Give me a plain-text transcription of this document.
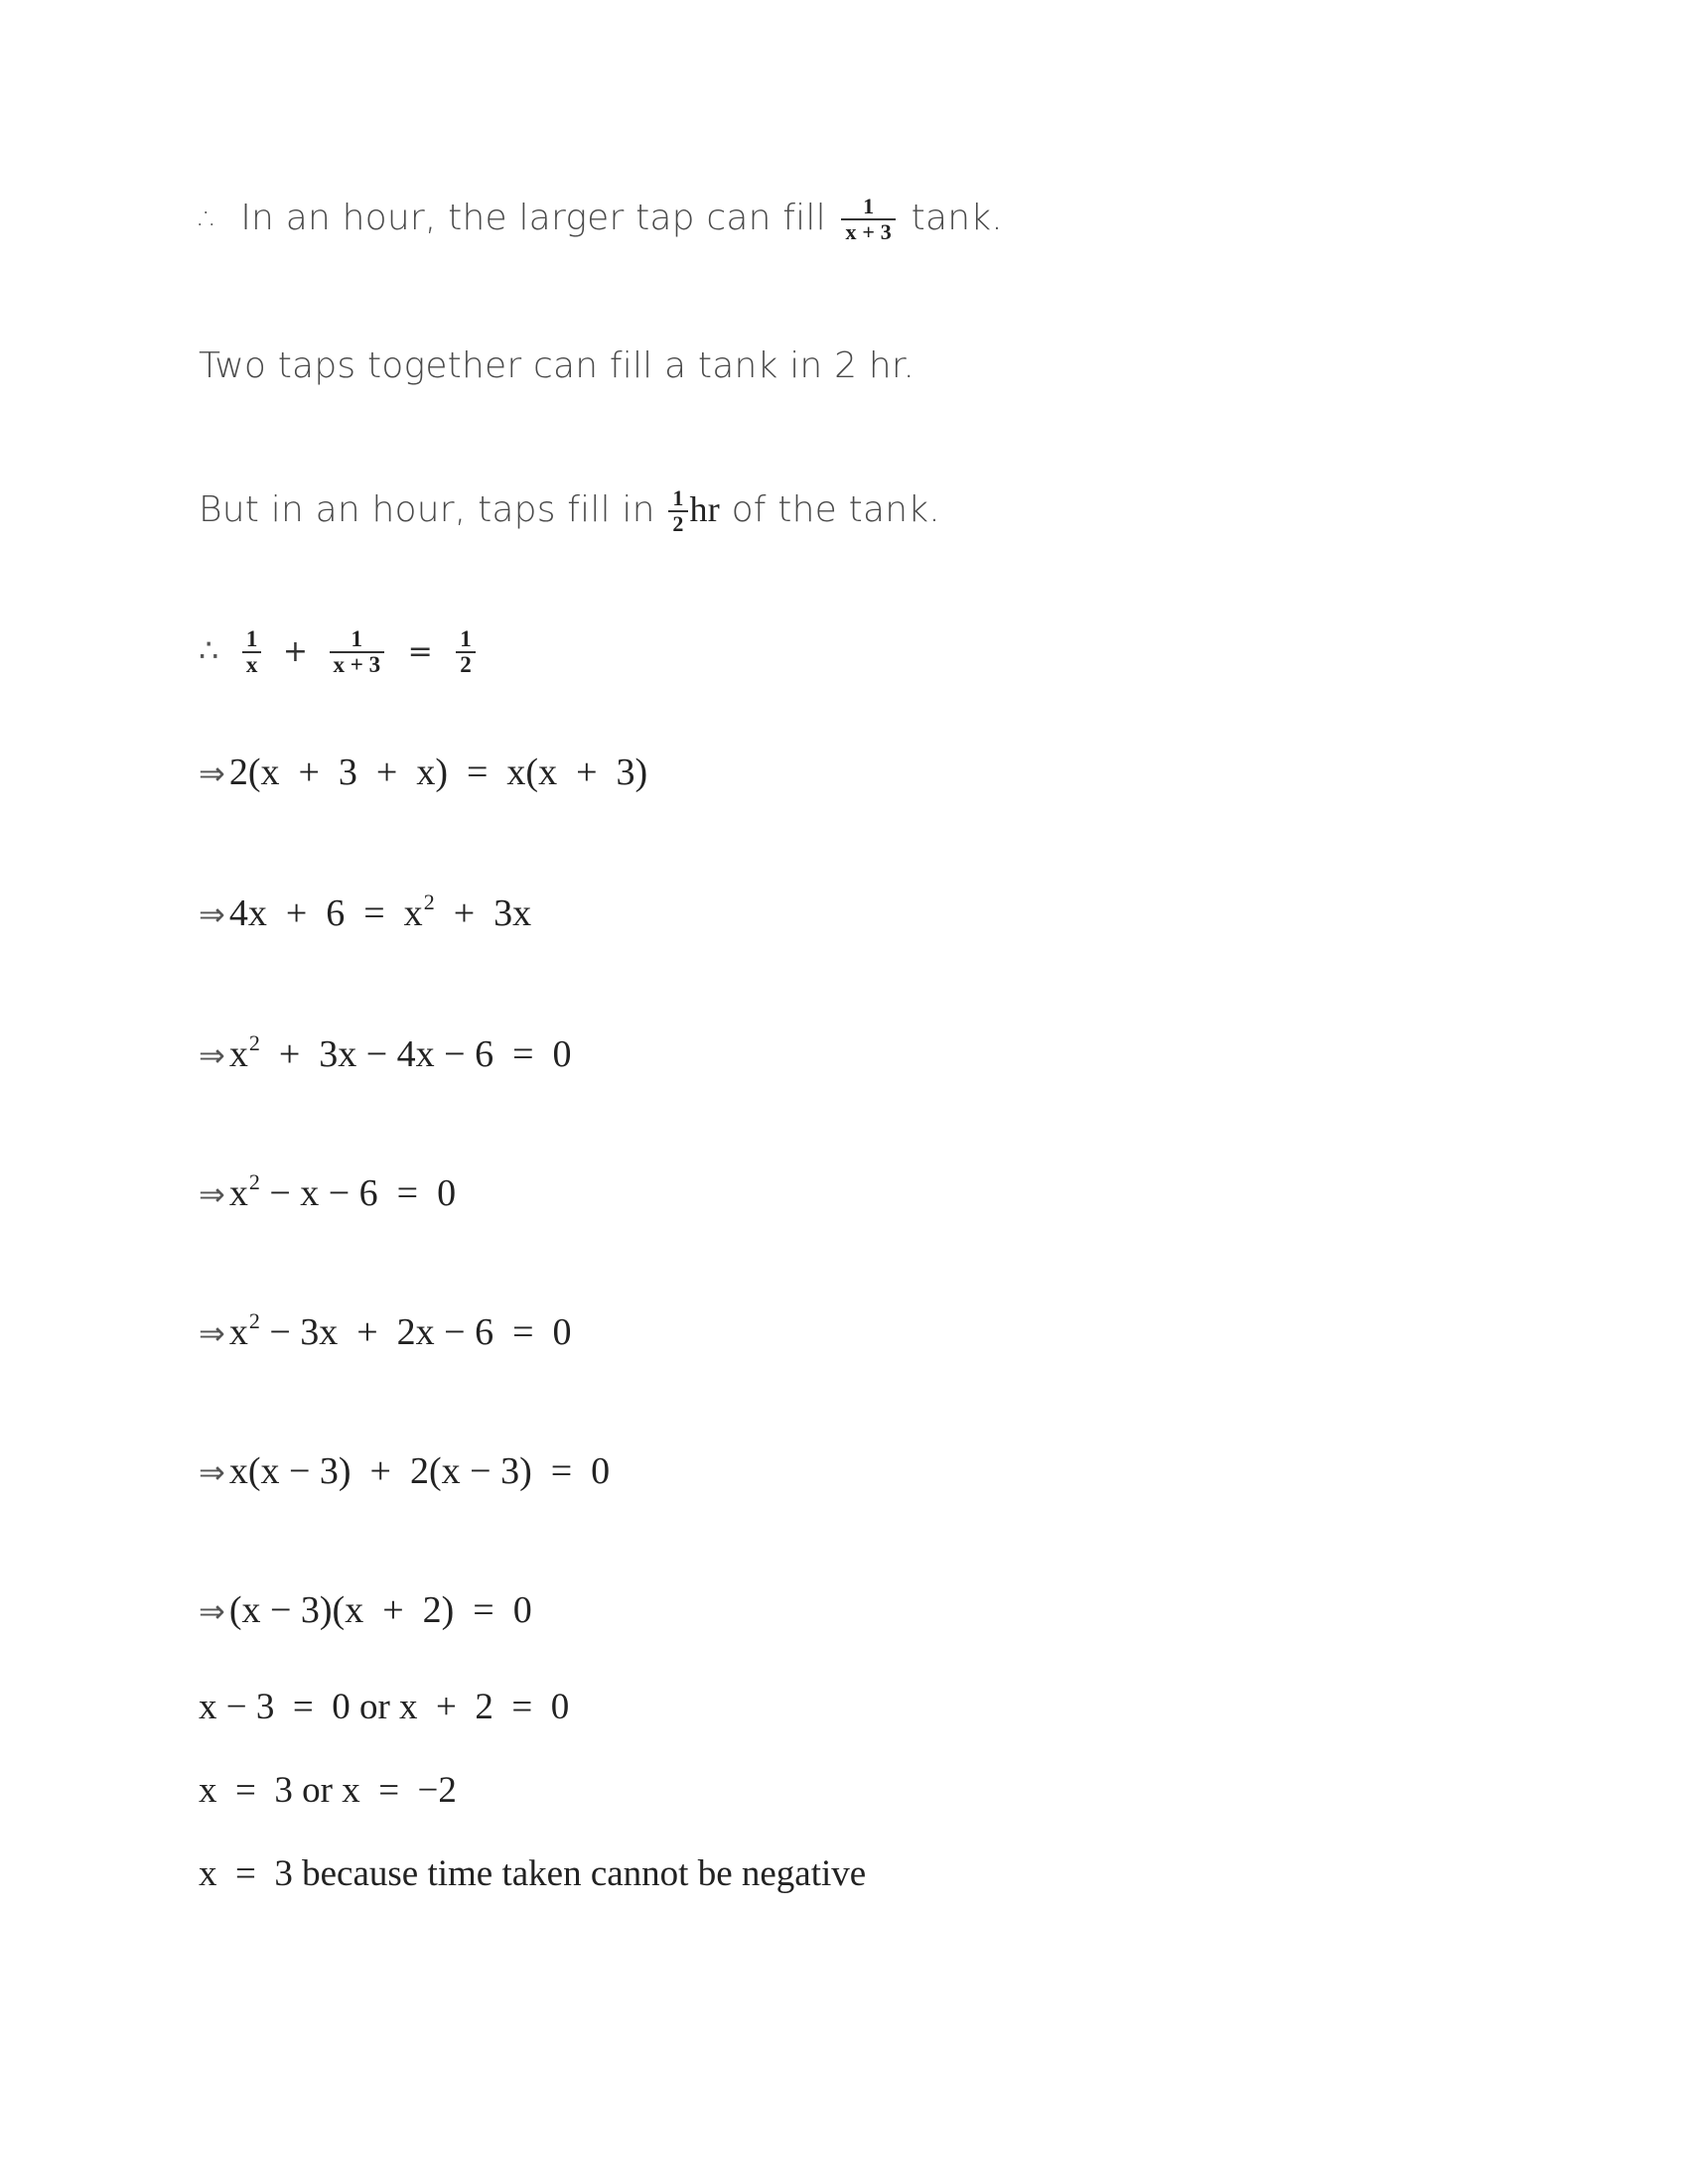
∴ In an hour, the larger tap can fill $\frac{1}{x + 3} \tan k$.
Two taps together can fill a tank in 2 hr.
But in an hour, taps fill in $\frac{1}{2}$ hr of the tank.
∴ $\frac{1}{x} + \frac{1}{x + 3} = \frac{1}{2}$
⇒ 2(x  +  3  +  x)  =  x(x  +  3)
⇒ $4x + 6 = x^2 + 3x$
⇒ $x^2 + 3x - 4x - 6 = 0$
⇒ $x^2 - x - 6 = 0$
⇒ $x^2 - 3x + 2x - 6 = 0$
⇒ x(x − 3)  +  2(x − 3)  =  0
⇒ (x − 3)(x  +  2)  =  0
x − 3  =  0 or x  +  2  =  0
x  =  3 or x  =  −2
x  =  3 because time taken cannot be negative
